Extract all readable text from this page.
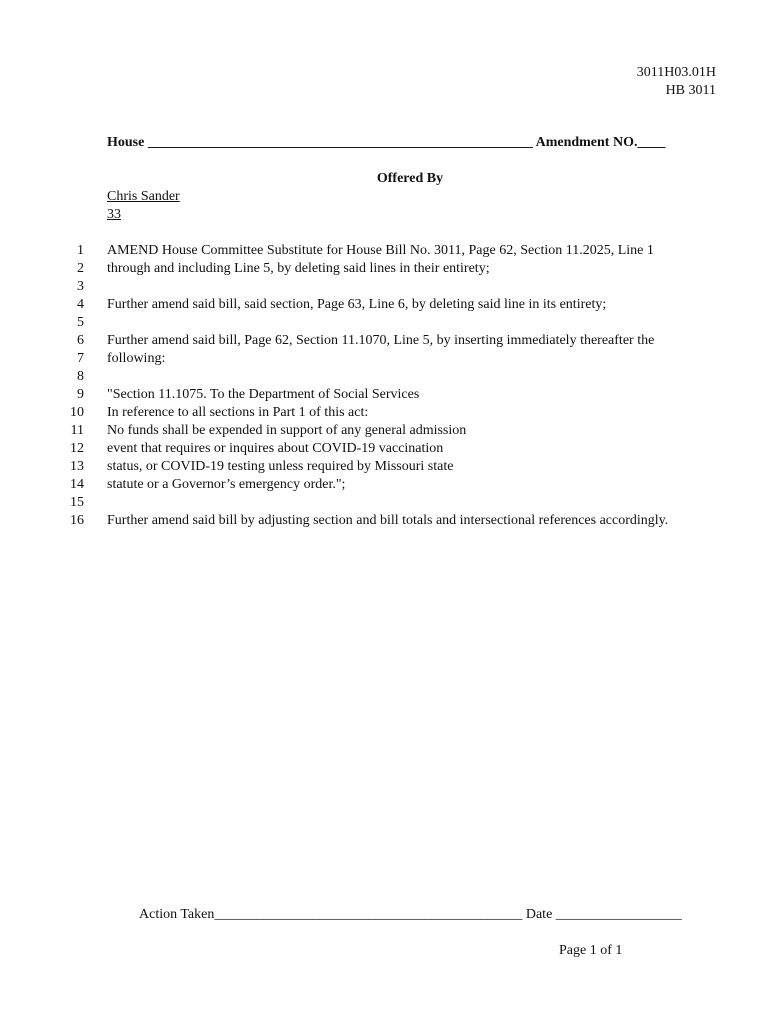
3011H03.01H
HB 3011
House _______________________________________________________ Amendment NO.____
Offered By
Chris Sander
33
1 AMEND House Committee Substitute for House Bill No. 3011, Page 62, Section 11.2025, Line 1
2 through and including Line 5, by deleting said lines in their entirety;
3
4 Further amend said bill, said section, Page 63, Line 6, by deleting said line in its entirety;
5
6 Further amend said bill, Page 62, Section 11.1070, Line 5, by inserting immediately thereafter the
7 following:
8
9 "Section 11.1075. To the Department of Social Services
10 In reference to all sections in Part 1 of this act:
11 No funds shall be expended in support of any general admission
12 event that requires or inquires about COVID-19 vaccination
13 status, or COVID-19 testing unless required by Missouri state
14 statute or a Governor’s emergency order.";
15
16 Further amend said bill by adjusting section and bill totals and intersectional references accordingly.
Action Taken____________________________________________ Date __________________
Page 1 of 1
